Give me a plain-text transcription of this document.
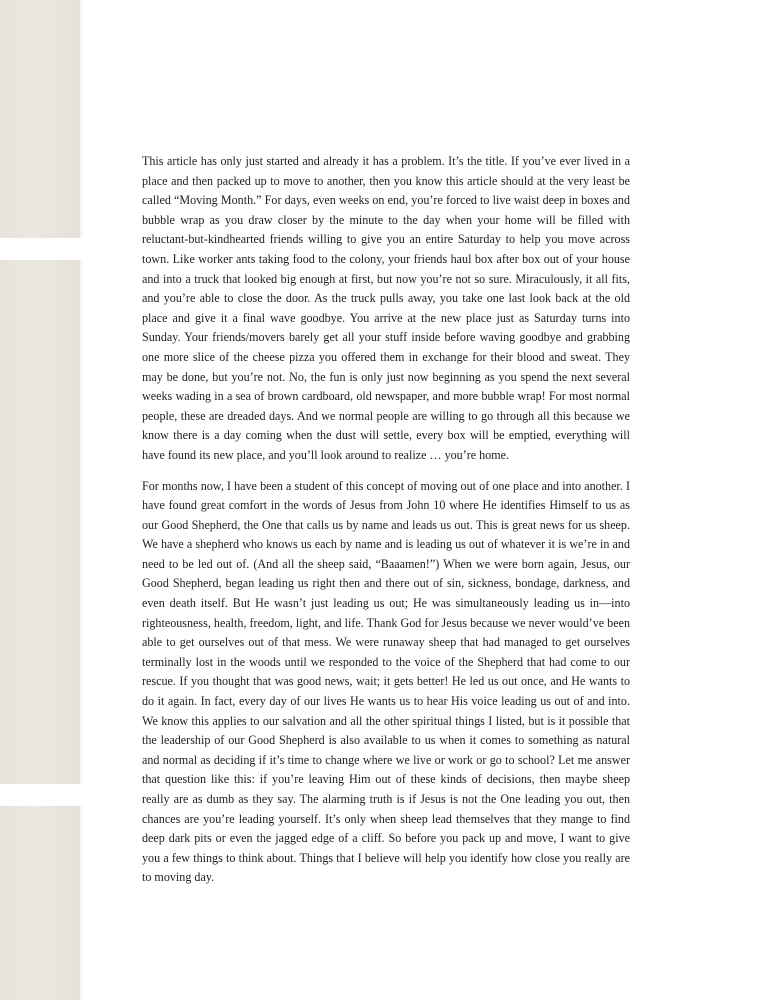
This article has only just started and already it has a problem. It’s the title. If you’ve ever lived in a place and then packed up to move to another, then you know this article should at the very least be called “Moving Month.” For days, even weeks on end, you’re forced to live waist deep in boxes and bubble wrap as you draw closer by the minute to the day when your home will be filled with reluctant-but-kindhearted friends willing to give you an entire Saturday to help you move across town. Like worker ants taking food to the colony, your friends haul box after box out of your house and into a truck that looked big enough at first, but now you’re not so sure. Miraculously, it all fits, and you’re able to close the door. As the truck pulls away, you take one last look back at the old place and give it a final wave goodbye. You arrive at the new place just as Saturday turns into Sunday. Your friends/movers barely get all your stuff inside before waving goodbye and grabbing one more slice of the cheese pizza you offered them in exchange for their blood and sweat. They may be done, but you’re not. No, the fun is only just now beginning as you spend the next several weeks wading in a sea of brown cardboard, old newspaper, and more bubble wrap! For most normal people, these are dreaded days. And we normal people are willing to go through all this because we know there is a day coming when the dust will settle, every box will be emptied, everything will have found its new place, and you’ll look around to realize … you’re home.

For months now, I have been a student of this concept of moving out of one place and into another. I have found great comfort in the words of Jesus from John 10 where He identifies Himself to us as our Good Shepherd, the One that calls us by name and leads us out. This is great news for us sheep. We have a shepherd who knows us each by name and is leading us out of whatever it is we’re in and need to be led out of. (And all the sheep said, “Baaamen!”) When we were born again, Jesus, our Good Shepherd, began leading us right then and there out of sin, sickness, bondage, darkness, and even death itself. But He wasn’t just leading us out; He was simultaneously leading us in—into righteousness, health, freedom, light, and life. Thank God for Jesus because we never would’ve been able to get ourselves out of that mess. We were runaway sheep that had managed to get ourselves terminally lost in the woods until we responded to the voice of the Shepherd that had come to our rescue. If you thought that was good news, wait; it gets better! He led us out once, and He wants to do it again. In fact, every day of our lives He wants us to hear His voice leading us out of and into. We know this applies to our salvation and all the other spiritual things I listed, but is it possible that the leadership of our Good Shepherd is also available to us when it comes to something as natural and normal as deciding if it’s time to change where we live or work or go to school? Let me answer that question like this: if you’re leaving Him out of these kinds of decisions, then maybe sheep really are as dumb as they say. The alarming truth is if Jesus is not the One leading you out, then chances are you’re leading yourself. It’s only when sheep lead themselves that they mange to find deep dark pits or even the jagged edge of a cliff. So before you pack up and move, I want to give you a few things to think about. Things that I believe will help you identify how close you really are to moving day.
